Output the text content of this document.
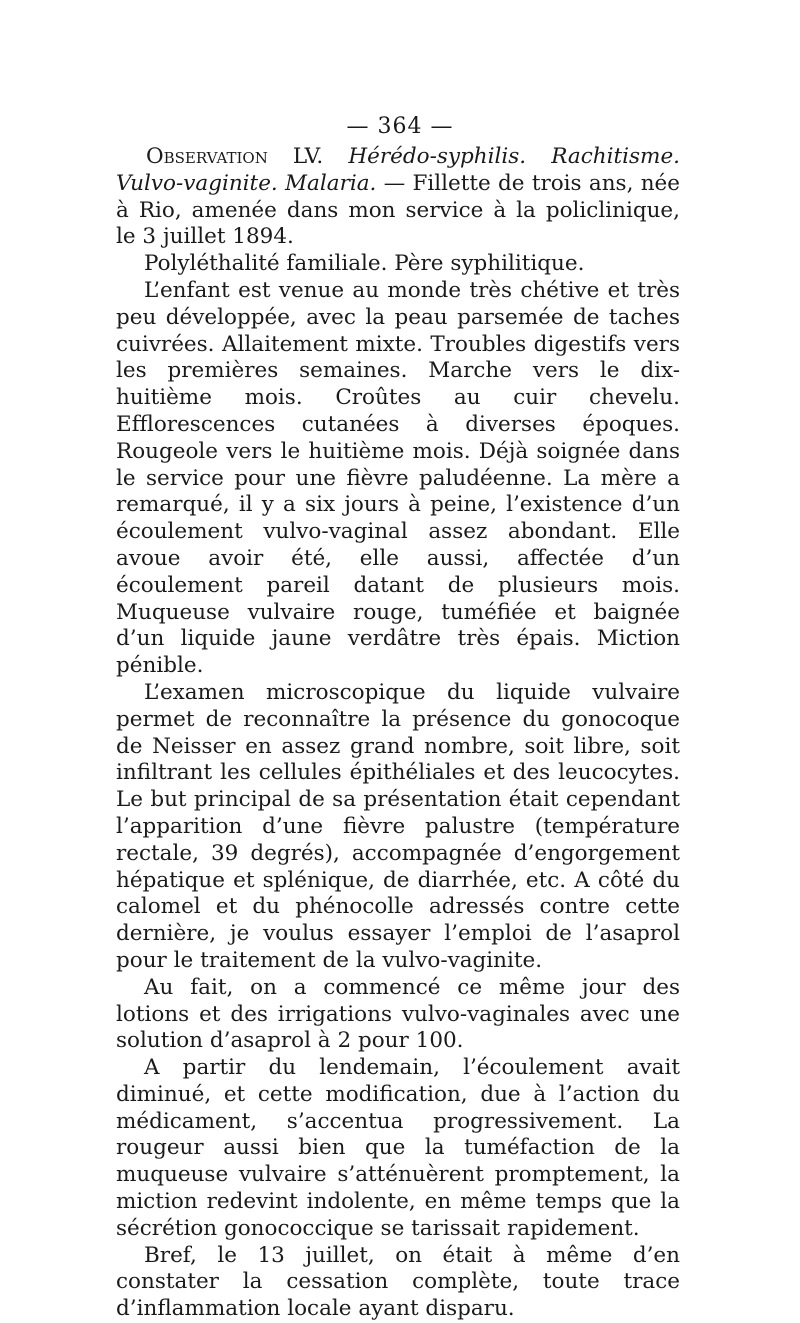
— 364 —

Observation LV. Hérédo-syphilis. Rachitisme. Vulvo-vaginite. Malaria. — Fillette de trois ans, née à Rio, amenée dans mon service à la policlinique, le 3 juillet 1894.

Polyléthalité familiale. Père syphilitique.

L’enfant est venue au monde très chétive et très peu développée, avec la peau parsemée de taches cuivrées. Allaitement mixte. Troubles digestifs vers les premières semaines. Marche vers le dix-huitième mois. Croûtes au cuir chevelu. Efflorescences cutanées à diverses époques. Rougeole vers le huitième mois. Déjà soignée dans le service pour une fièvre paludéenne. La mère a remarqué, il y a six jours à peine, l’existence d’un écoulement vulvo-vaginal assez abondant. Elle avoue avoir été, elle aussi, affectée d’un écoulement pareil datant de plusieurs mois. Muqueuse vulvaire rouge, tuméfiée et baignée d’un liquide jaune verdâtre très épais. Miction pénible.

L’examen microscopique du liquide vulvaire permet de reconnaître la présence du gonocoque de Neisser en assez grand nombre, soit libre, soit infiltrant les cellules épithéliales et des leucocytes. Le but principal de sa présentation était cependant l’apparition d’une fièvre palustre (température rectale, 39 degrés), accompagnée d’engorgement hépatique et splénique, de diarrhée, etc. A côté du calomel et du phénocolle adressés contre cette dernière, je voulus essayer l’emploi de l’asaprol pour le traitement de la vulvo-vaginite.

Au fait, on a commencé ce même jour des lotions et des irrigations vulvo-vaginales avec une solution d’asaprol à 2 pour 100.

A partir du lendemain, l’écoulement avait diminué, et cette modification, due à l’action du médicament, s’accentua progressivement. La rougeur aussi bien que la tuméfaction de la muqueuse vulvaire s’atténuèrent promptement, la miction redevint indolente, en même temps que la sécrétion gonococcique se tarissait rapidement.

Bref, le 13 juillet, on était à même d’en constater la cessation complète, toute trace d’inflammation locale ayant disparu.
